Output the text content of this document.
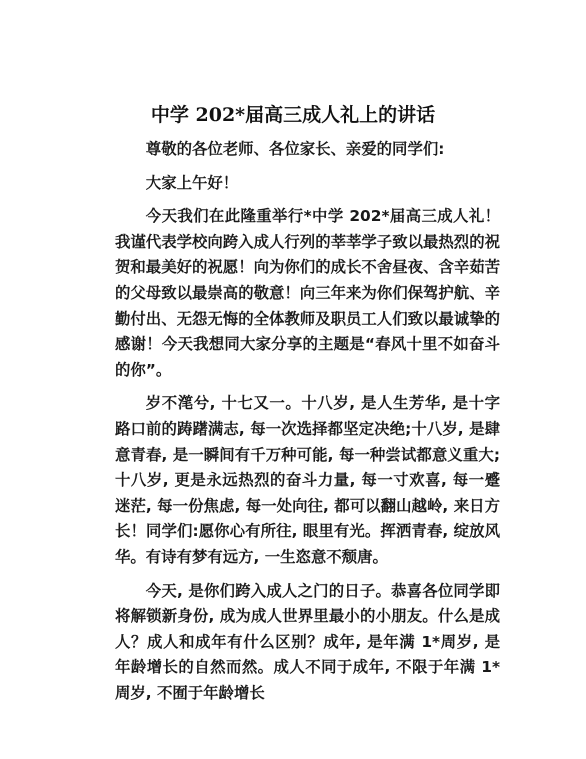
中学 202*届高三成人礼上的讲话

尊敬的各位老师、各位家长、亲爱的同学们:

大家上午好！

今天我们在此隆重举行*中学 202*届高三成人礼！我谨代表学校向跨入成人行列的莘莘学子致以最热烈的祝贺和最美好的祝愿！向为你们的成长不舍昼夜、含辛茹苦的父母致以最崇高的敬意！向三年来为你们保驾护航、辛勤付出、无怨无悔的全体教师及职员工人们致以最诚挚的感谢！今天我想同大家分享的主题是“春风十里不如奋斗的你”。

岁不滗兮, 十七又一。十八岁, 是人生芳华, 是十字路口前的踌躇满志, 每一次选择都坚定决绝;十八岁, 是肆意青春, 是一瞬间有千万种可能, 每一种尝试都意义重大;十八岁, 更是永远热烈的奋斗力量, 每一寸欢喜, 每一蹙迷茫, 每一份焦虑, 每一处向往, 都可以翻山越岭, 来日方长！同学们:愿你心有所往, 眼里有光。挥洒青春, 绽放风华。有诗有梦有远方, 一生恣意不颓唐。

今天, 是你们跨入成人之门的日子。恭喜各位同学即将解锁新身份, 成为成人世界里最小的小朋友。什么是成人？成人和成年有什么区别？成年, 是年满 1*周岁, 是年龄增长的自然而然。成人不同于成年, 不限于年满 1*周岁, 不囿于年龄增长
